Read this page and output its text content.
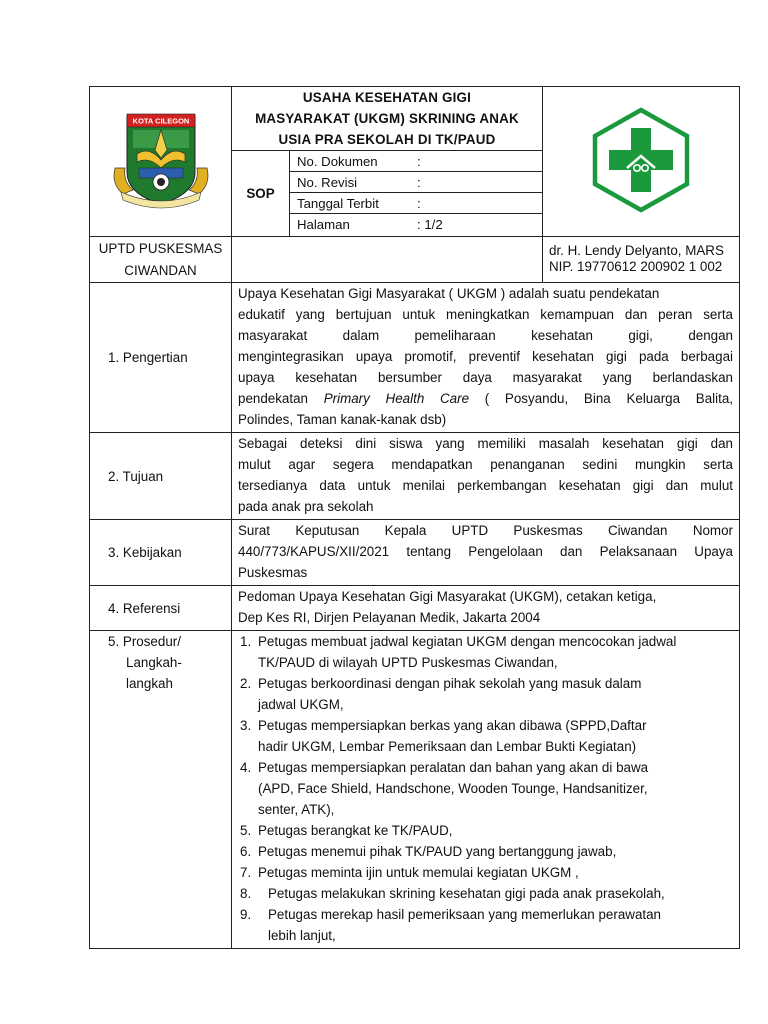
KOTA CILEGON

USAHA KESEHATAN GIGI
MASYARAKAT (UKGM) SKRINING ANAK
USIA PRA SEKOLAH DI TK/PAUD

SOP	
No. Dokumen	:
No. Revisi	:
Tanggal Terbit	:
Halaman	: 1/2

UPTD PUSKESMAS
CIWANDAN

dr. H. Lendy Delyanto, MARS
NIP. 19770612 200902 1 002

1. Pengertian	
Upaya Kesehatan Gigi Masyarakat ( UKGM ) adalah suatu pendekatan
edukatif yang bertujuan untuk meningkatkan kemampuan dan peran serta
masyarakat dalam pemeliharaan kesehatan gigi, dengan
mengintegrasikan upaya promotif, preventif kesehatan gigi pada berbagai
upaya kesehatan bersumber daya masyarakat yang berlandaskan
pendekatan Primary Health Care ( Posyandu, Bina Keluarga Balita,
Polindes, Taman kanak-kanak dsb)

2. Tujuan	
Sebagai deteksi dini siswa yang memiliki masalah kesehatan gigi dan
mulut agar segera mendapatkan penanganan sedini mungkin serta
tersedianya data untuk menilai perkembangan kesehatan gigi dan mulut
pada anak pra sekolah

3. Kebijakan	
Surat Keputusan Kepala UPTD Puskesmas Ciwandan Nomor
440/773/KAPUS/XII/2021 tentang Pengelolaan dan Pelaksanaan Upaya
Puskesmas

4. Referensi	
Pedoman Upaya Kesehatan Gigi Masyarakat (UKGM), cetakan ketiga,
Dep Kes RI, Dirjen Pelayanan Medik, Jakarta 2004

5. Prosedur/
Langkah-
langkah

1. Petugas membuat jadwal kegiatan UKGM dengan mencocokan jadwal
TK/PAUD di wilayah UPTD Puskesmas Ciwandan,
2. Petugas berkoordinasi dengan pihak sekolah yang masuk dalam
jadwal UKGM,
3. Petugas mempersiapkan berkas yang akan dibawa (SPPD,Daftar
hadir UKGM, Lembar Pemeriksaan dan Lembar Bukti Kegiatan)
4. Petugas mempersiapkan peralatan dan bahan yang akan di bawa
(APD, Face Shield, Handschone, Wooden Tounge, Handsanitizer,
senter, ATK),
5. Petugas berangkat ke TK/PAUD,
6. Petugas menemui pihak TK/PAUD yang bertanggung jawab,
7. Petugas meminta ijin untuk memulai kegiatan UKGM ,
8. Petugas melakukan skrining kesehatan gigi pada anak prasekolah,
9. Petugas merekap hasil pemeriksaan yang memerlukan perawatan
lebih lanjut,
